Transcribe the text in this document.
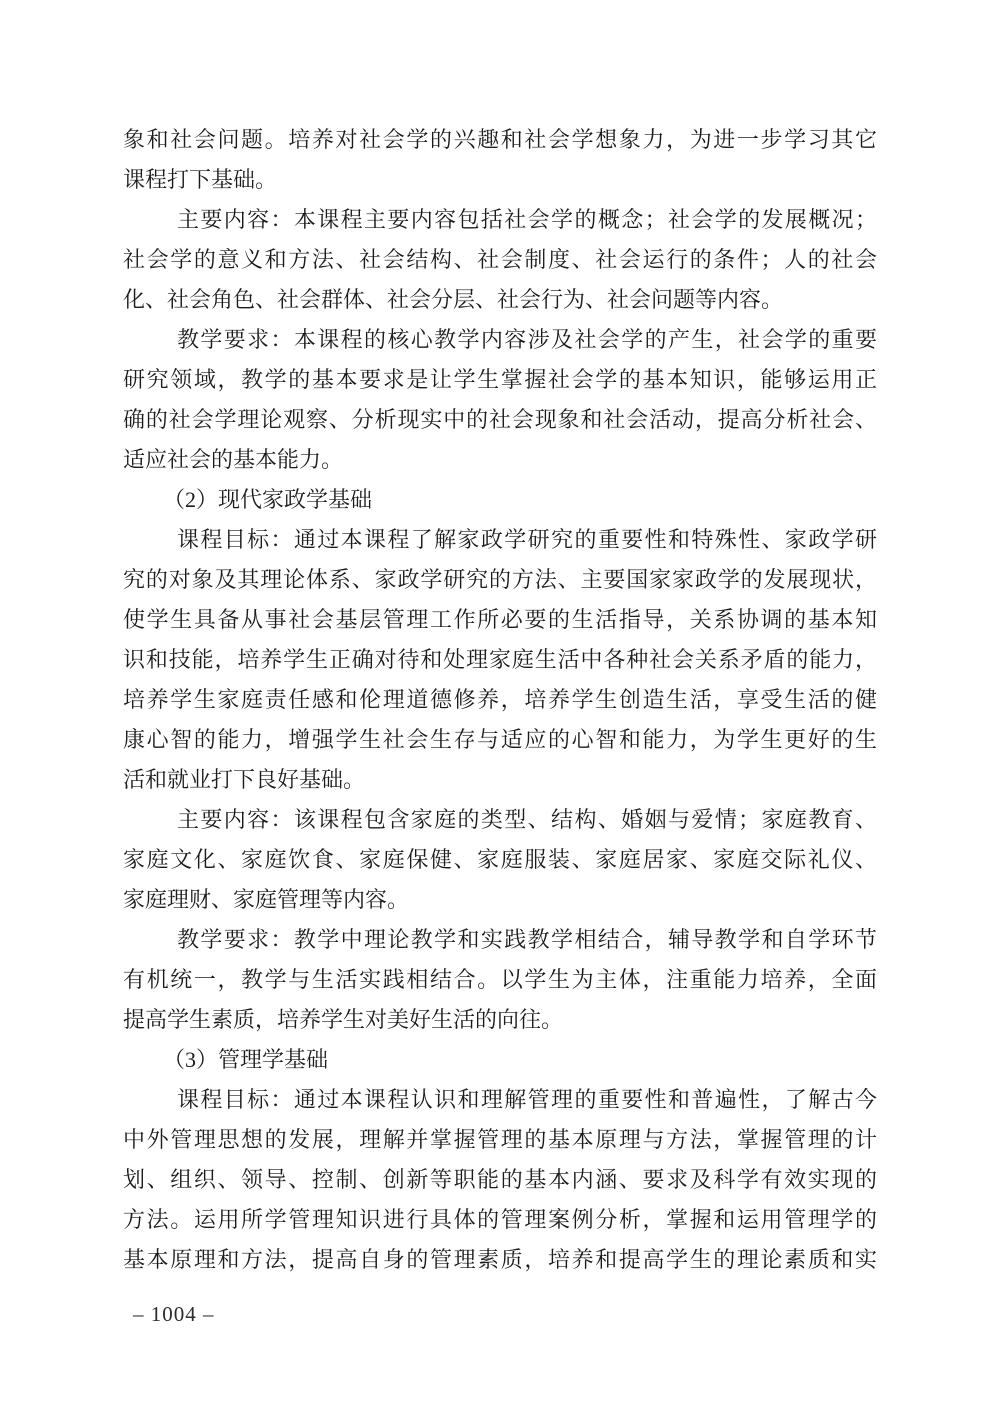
象和社会问题。培养对社会学的兴趣和社会学想象力，为进一步学习其它
课程打下基础。
主要内容：本课程主要内容包括社会学的概念；社会学的发展概况；
社会学的意义和方法、社会结构、社会制度、社会运行的条件；人的社会
化、社会角色、社会群体、社会分层、社会行为、社会问题等内容。
教学要求：本课程的核心教学内容涉及社会学的产生，社会学的重要
研究领域，教学的基本要求是让学生掌握社会学的基本知识，能够运用正
确的社会学理论观察、分析现实中的社会现象和社会活动，提高分析社会、
适应社会的基本能力。
（2）现代家政学基础
课程目标：通过本课程了解家政学研究的重要性和特殊性、家政学研
究的对象及其理论体系、家政学研究的方法、主要国家家政学的发展现状，
使学生具备从事社会基层管理工作所必要的生活指导，关系协调的基本知
识和技能，培养学生正确对待和处理家庭生活中各种社会关系矛盾的能力，
培养学生家庭责任感和伦理道德修养，培养学生创造生活，享受生活的健
康心智的能力，增强学生社会生存与适应的心智和能力，为学生更好的生
活和就业打下良好基础。
主要内容：该课程包含家庭的类型、结构、婚姻与爱情；家庭教育、
家庭文化、家庭饮食、家庭保健、家庭服装、家庭居家、家庭交际礼仪、
家庭理财、家庭管理等内容。
教学要求：教学中理论教学和实践教学相结合，辅导教学和自学环节
有机统一，教学与生活实践相结合。以学生为主体，注重能力培养，全面
提高学生素质，培养学生对美好生活的向往。
（3）管理学基础
课程目标：通过本课程认识和理解管理的重要性和普遍性，了解古今
中外管理思想的发展，理解并掌握管理的基本原理与方法，掌握管理的计
划、组织、领导、控制、创新等职能的基本内涵、要求及科学有效实现的
方法。运用所学管理知识进行具体的管理案例分析，掌握和运用管理学的
基本原理和方法，提高自身的管理素质，培养和提高学生的理论素质和实
– 1004 –
